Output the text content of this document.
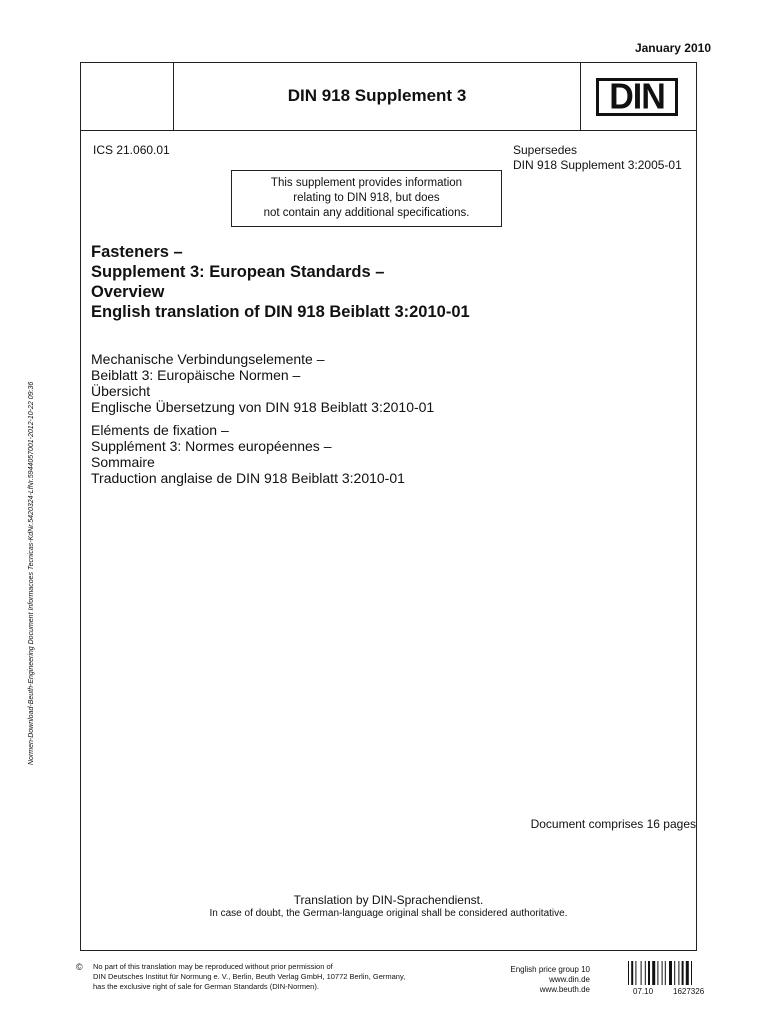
January 2010
DIN 918 Supplement 3	DIN
ICS 21.060.01	Supersedes
DIN 918 Supplement 3:2005-01
This supplement provides information
relating to DIN 918, but does
not contain any additional specifications.
Fasteners –
Supplement 3: European Standards –
Overview
English translation of DIN 918 Beiblatt 3:2010-01
Mechanische Verbindungselemente –
Beiblatt 3: Europäische Normen –
Übersicht
Englische Übersetzung von DIN 918 Beiblatt 3:2010-01
Eléments de fixation –
Supplément 3: Normes européennes –
Sommaire
Traduction anglaise de DIN 918 Beiblatt 3:2010-01
Document comprises 16 pages
Translation by DIN-Sprachendienst.
In case of doubt, the German-language original shall be considered authoritative.
© No part of this translation may be reproduced without prior permission of
DIN Deutsches Institut für Normung e. V., Berlin, Beuth Verlag GmbH, 10772 Berlin, Germany,
has the exclusive right of sale for German Standards (DIN-Normen).
English price group 10
www.din.de
www.beuth.de	07.10 1627326
Normen-Download-Beuth-Engineering Document Informacoes Tecnicas-KdNr.5420324-LfNr.5944057001-2012-10-22 09:36
